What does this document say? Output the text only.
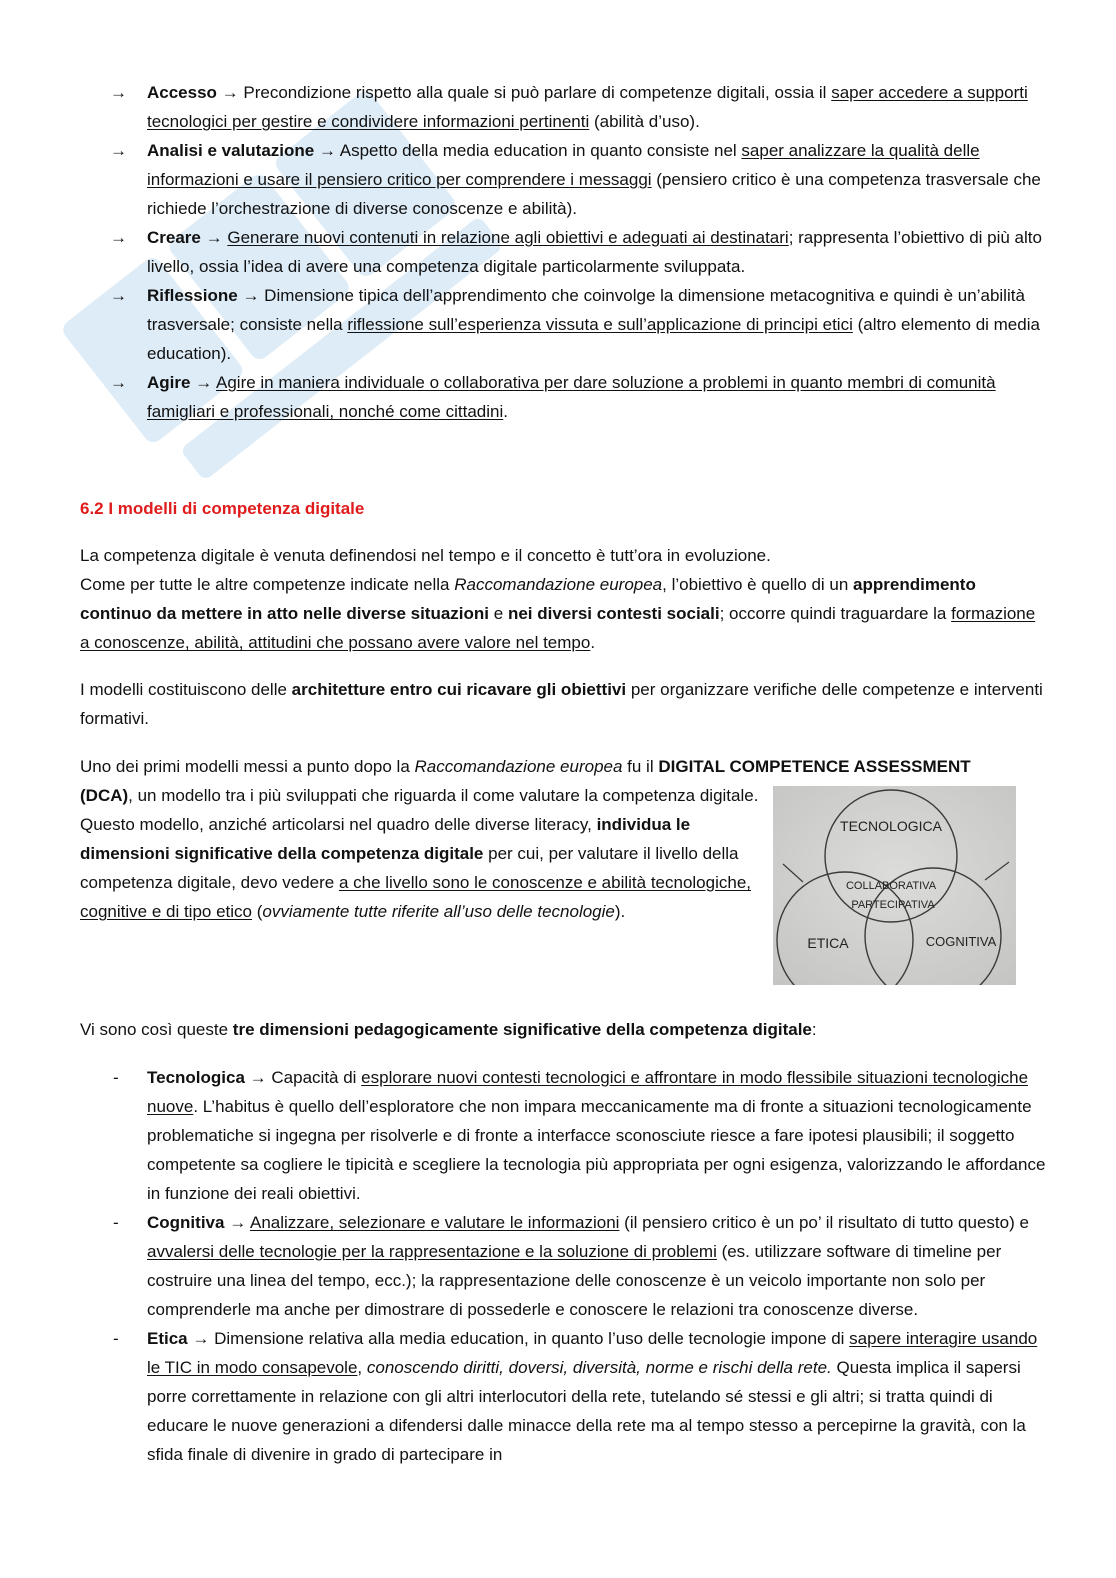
→ Accesso → Precondizione rispetto alla quale si può parlare di competenze digitali, ossia il saper accedere a supporti tecnologici per gestire e condividere informazioni pertinenti (abilità d’uso).
→ Analisi e valutazione → Aspetto della media education in quanto consiste nel saper analizzare la qualità delle informazioni e usare il pensiero critico per comprendere i messaggi (pensiero critico è una competenza trasversale che richiede l’orchestrazione di diverse conoscenze e abilità).
→ Creare → Generare nuovi contenuti in relazione agli obiettivi e adeguati ai destinatari; rappresenta l’obiettivo di più alto livello, ossia l’idea di avere una competenza digitale particolarmente sviluppata.
→ Riflessione → Dimensione tipica dell’apprendimento che coinvolge la dimensione metacognitiva e quindi è un’abilità trasversale; consiste nella riflessione sull’esperienza vissuta e sull’applicazione di principi etici (altro elemento di media education).
→ Agire → Agire in maniera individuale o collaborativa per dare soluzione a problemi in quanto membri di comunità famigliari e professionali, nonché come cittadini.
6.2 I modelli di competenza digitale
La competenza digitale è venuta definendosi nel tempo e il concetto è tutt’ora in evoluzione.
Come per tutte le altre competenze indicate nella Raccomandazione europea, l’obiettivo è quello di un apprendimento continuo da mettere in atto nelle diverse situazioni e nei diversi contesti sociali; occorre quindi traguardare la formazione a conoscenze, abilità, attitudini che possano avere valore nel tempo.
I modelli costituiscono delle architetture entro cui ricavare gli obiettivi per organizzare verifiche delle competenze e interventi formativi.
Uno dei primi modelli messi a punto dopo la Raccomandazione europea fu il DIGITAL COMPETENCE ASSESSMENT
(DCA), un modello tra i più sviluppati che riguarda il come valutare la competenza digitale.
Questo modello, anziché articolarsi nel quadro delle diverse literacy, individua le dimensioni significative della competenza digitale per cui, per valutare il livello della competenza digitale, devo vedere a che livello sono le conoscenze e abilità tecnologiche, cognitive e di tipo etico (ovviamente tutte riferite all’uso delle tecnologie).
TECNOLOGICA
COLLABORATIVA
PARTECIPATIVA
ETICA	COGNITIVA
Vi sono così queste tre dimensioni pedagogicamente significative della competenza digitale:
- Tecnologica → Capacità di esplorare nuovi contesti tecnologici e affrontare in modo flessibile situazioni tecnologiche nuove. L’habitus è quello dell’esploratore che non impara meccanicamente ma di fronte a situazioni tecnologicamente problematiche si ingegna per risolverle e di fronte a interfacce sconosciute riesce a fare ipotesi plausibili; il soggetto competente sa cogliere le tipicità e scegliere la tecnologia più appropriata per ogni esigenza, valorizzando le affordance in funzione dei reali obiettivi.
- Cognitiva → Analizzare, selezionare e valutare le informazioni (il pensiero critico è un po’ il risultato di tutto questo) e avvalersi delle tecnologie per la rappresentazione e la soluzione di problemi (es. utilizzare software di timeline per costruire una linea del tempo, ecc.); la rappresentazione delle conoscenze è un veicolo importante non solo per comprenderle ma anche per dimostrare di possederle e conoscere le relazioni tra conoscenze diverse.
- Etica → Dimensione relativa alla media education, in quanto l’uso delle tecnologie impone di sapere interagire usando le TIC in modo consapevole, conoscendo diritti, doversi, diversità, norme e rischi della rete. Questa implica il sapersi porre correttamente in relazione con gli altri interlocutori della rete, tutelando sé stessi e gli altri; si tratta quindi di educare le nuove generazioni a difendersi dalle minacce della rete ma al tempo stesso a percepirne la gravità, con la sfida finale di divenire in grado di partecipare in
